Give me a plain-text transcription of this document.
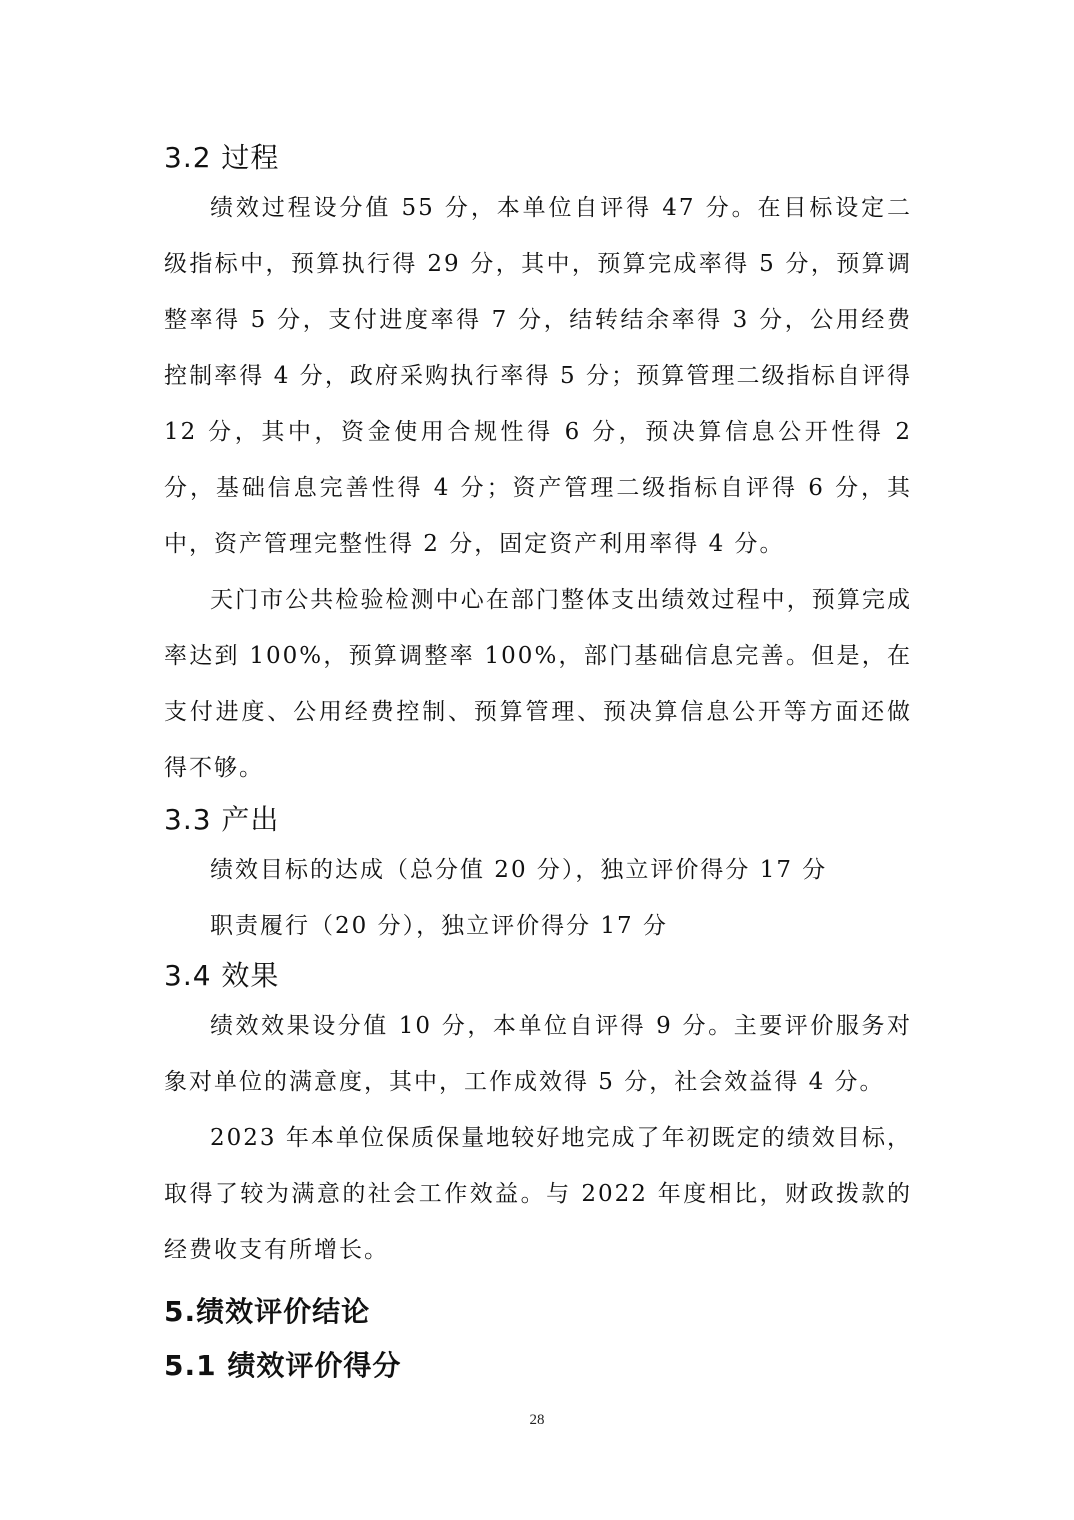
3.2 过程

绩效过程设分值 55 分，本单位自评得 47 分。在目标设定二级指标中，预算执行得 29 分，其中，预算完成率得 5 分，预算调整率得 5 分，支付进度率得 7 分，结转结余率得 3 分，公用经费控制率得 4 分，政府采购执行率得 5 分；预算管理二级指标自评得 12 分，其中，资金使用合规性得 6 分，预决算信息公开性得 2 分，基础信息完善性得 4 分；资产管理二级指标自评得 6 分，其中，资产管理完整性得 2 分，固定资产利用率得 4 分。

天门市公共检验检测中心在部门整体支出绩效过程中，预算完成率达到 100%，预算调整率 100%，部门基础信息完善。但是，在支付进度、公用经费控制、预算管理、预决算信息公开等方面还做得不够。

3.3 产出

绩效目标的达成（总分值 20 分），独立评价得分 17 分

职责履行（20 分），独立评价得分 17 分

3.4 效果

绩效效果设分值 10 分，本单位自评得 9 分。主要评价服务对象对单位的满意度，其中，工作成效得 5 分，社会效益得 4 分。

2023 年本单位保质保量地较好地完成了年初既定的绩效目标，取得了较为满意的社会工作效益。与 2022 年度相比，财政拨款的经费收支有所增长。

5.绩效评价结论
5.1 绩效评价得分
28
